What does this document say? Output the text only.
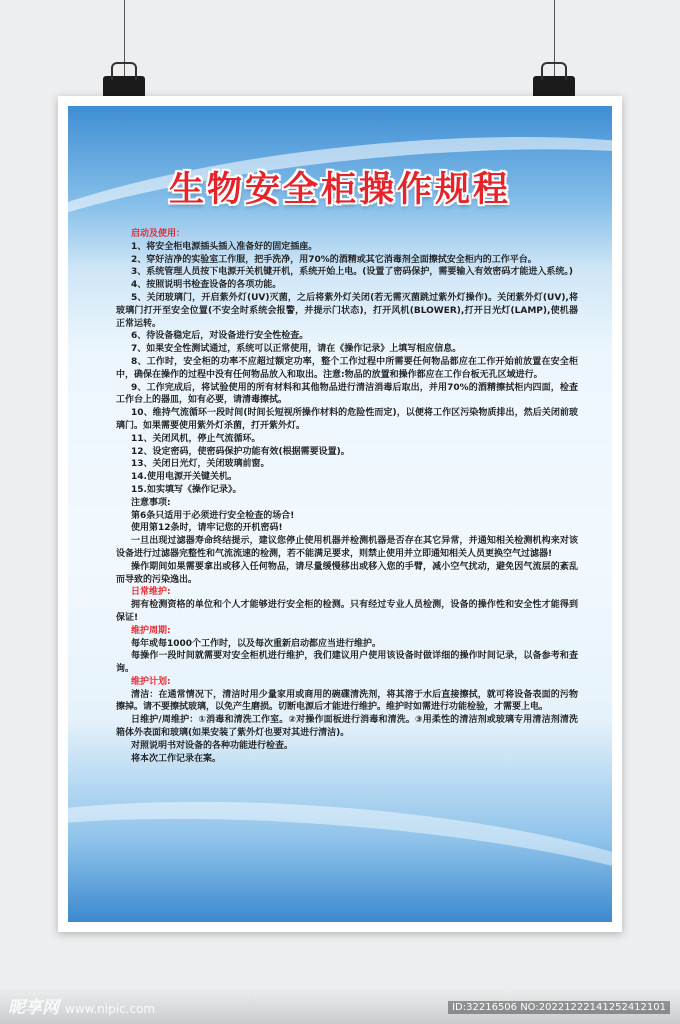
生物安全柜操作规程

启动及使用：

1、将安全柜电源插头插入准备好的固定插座。

2、穿好洁净的实验室工作服，把手洗净，用70%的酒精或其它消毒剂全面擦拭安全柜内的工作平台。

3、系统管理人员按下电源开关机键开机，系统开始上电。(设置了密码保护，需要输入有效密码才能进入系统。)

4、按照说明书检查设备的各项功能。

5、关闭玻璃门，开启紫外灯(UV)灭菌，之后将紫外灯关闭(若无需灭菌跳过紫外灯操作)。关闭紫外灯(UV),将玻璃门打开至安全位置(不安全时系统会报警，并提示门状态)，打开风机(BLOWER),打开日光灯(LAMP),使机器正常运转。

6、待设备稳定后，对设备进行安全性检查。

7、如果安全性测试通过，系统可以正常使用，请在《操作记录》上填写相应信息。

8、工作时，安全柜的功率不应超过额定功率，整个工作过程中所需要任何物品都应在工作开始前放置在安全柜中，确保在操作的过程中没有任何物品放入和取出。注意:物品的放置和操作都应在工作台板无孔区域进行。

9、工作完成后，将试验使用的所有材料和其他物品进行清洁消毒后取出，并用70%的酒精擦拭柜内四面，检查工作台上的器皿，如有必要，请清毒擦拭。

10、维持气流循环一段时间(时间长短视所操作材料的危险性而定)，以便将工作区污染物质排出，然后关闭前玻璃门。如果需要使用紫外灯杀菌，打开紫外灯。

11、关闭风机，停止气流循环。

12、设定密码，使密码保护功能有效(根据需要设置)。

13、关闭日光灯，关闭玻璃前窗。

14.使用电源开关键关机。

15.如实填写《操作记录》。

注意事项:

第6条只适用于必须进行安全检查的场合!

使用第12条时，请牢记您的开机密码!

一旦出现过滤器寿命终结提示，建议您停止使用机器并检测机器是否存在其它异常，并通知相关检测机构来对该设备进行过滤器完整性和气流流速的检测，若不能满足要求，则禁止使用并立即通知相关人员更换空气过滤器!

操作期间如果需要拿出或移入任何物品，请尽量缓慢移出或移入您的手臂，减小空气扰动，避免因气流层的紊乱而导致的污染逸出。

日常维护:

拥有检测资格的单位和个人才能够进行安全柜的检测。只有经过专业人员检测，设备的操作性和安全性才能得到保证!

维护周期:

每年或每1000个工作时，以及每次重新启动都应当进行维护。

每操作一段时间就需要对安全柜机进行维护，我们建议用户使用该设备时做详细的操作时间记录，以备参考和查询。

维护计划:

清洁：在通常情况下，清洁时用少量家用或商用的碗碟清洗剂，将其溶于水后直接擦拭，就可将设备表面的污物擦掉。请不要擦拭玻璃，以免产生磨损。切断电源后才能进行维护。维护时如需进行功能检验，才需要上电。

日维护/周维护：①消毒和清洗工作室。②对操作面板进行消毒和清洗。③用柔性的清洁剂或玻璃专用清洁剂清洗箱体外表面和玻璃(如果安装了紫外灯也要对其进行清洁)。

对照说明书对设备的各种功能进行检查。

将本次工作记录在案。

昵享网 www.nipic.com	ID:32216506 NO:20221222141252412101
